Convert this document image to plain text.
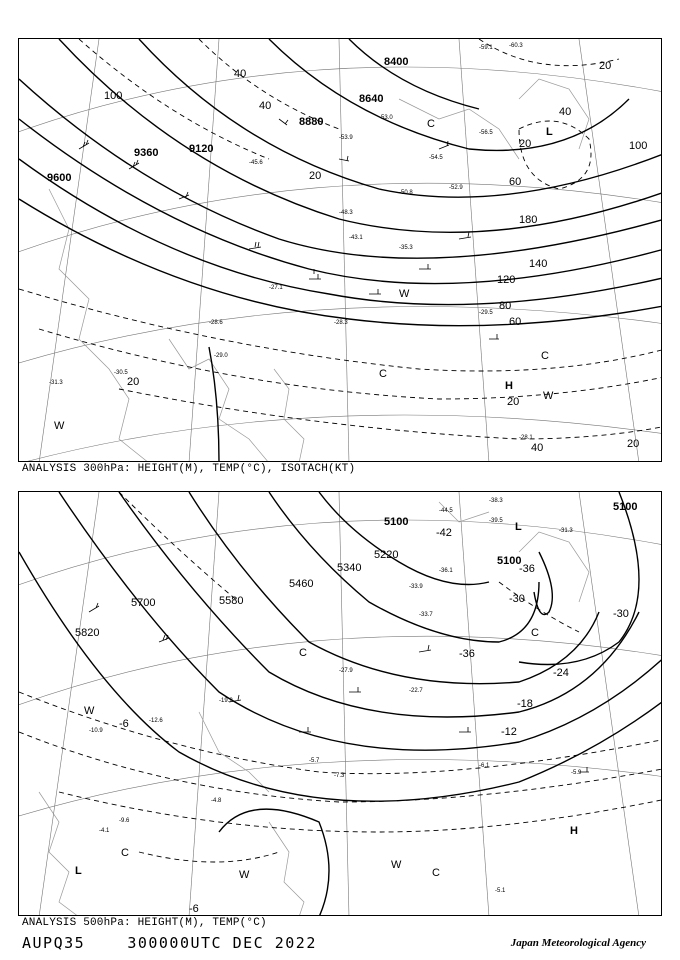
-53.0
-54.5
-52.9
-50.8
-45.6
-48.3
-43.1
-35.3
-28.1
-29.5
-30.5
-31.3
-28.3
-29.0
-27.1
-28.6
-56.5
-53.9
-59.1	-60.3
8400
8640
8880
9120
9360
9600	20
40
60
80
100
120
140
180
20
40
20
100
40
20
60
20
40
20
L
H
W
W
W
C
C
C
ANALYSIS 300hPa: HEIGHT(M), TEMP(°C), ISOTACH(KT)
-38.3
-39.5
-44.5
-31.3
-36.1
-33.9
-33.7
-27.9
-22.7
-19.2
-12.6
-10.9
-6.1
-5.9
-5.1
-4.8
-9.6
-7.3
-5.7
-4.1
5100
5100
5100
5220
5340
5460
5580
5700
5820
-42
-36
-30
-24
-18
-12
-6
-30
-36
-6
L
L
H
W
W
W
C
C
C
C
ANALYSIS 500hPa: HEIGHT(M), TEMP(°C)
AUPQ35	300000UTC DEC 2022	Japan Meteorological Agency
